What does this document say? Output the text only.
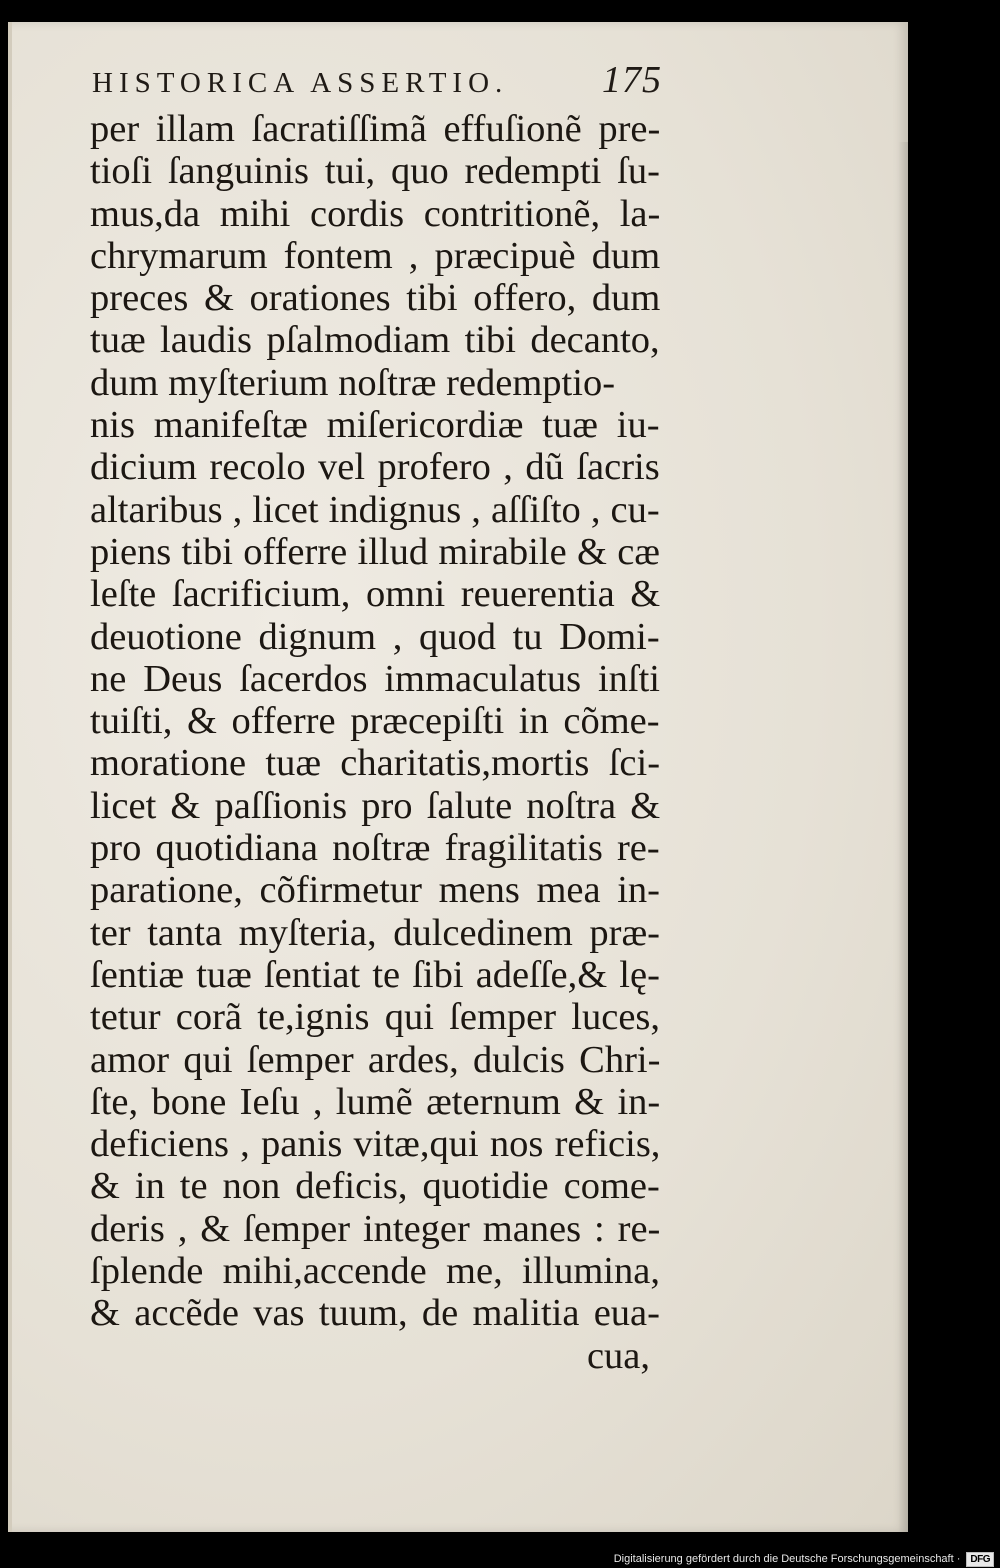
HISTORICA ASSERTIO. 175
per illam ſacratiſſimã effuſionẽ pre-
tioſi ſanguinis tui, quo redempti ſu-
mus,da mihi cordis contritionẽ, la-
chrymarum fontem , præcipuè dum
preces & orationes tibi offero, dum
tuæ laudis pſalmodiam tibi decanto,
dum myſterium noſtræ redemptio-
nis manifeſtæ miſericordiæ tuæ iu-
dicium recolo vel profero , dũ ſacris
altaribus , licet indignus , aſſiſto , cu-
piens tibi offerre illud mirabile & cæ
leſte ſacrificium, omni reuerentia &
deuotione dignum , quod tu Domi-
ne Deus ſacerdos immaculatus inſti
tuiſti, & offerre præcepiſti in cõme-
moratione tuæ charitatis,mortis ſci-
licet & paſſionis pro ſalute noſtra &
pro quotidiana noſtræ fragilitatis re-
paratione, cõfirmetur mens mea in-
ter tanta myſteria, dulcedinem præ-
ſentiæ tuæ ſentiat te ſibi adeſſe,& lę-
tetur corã te,ignis qui ſemper luces,
amor qui ſemper ardes, dulcis Chri-
ſte, bone Ieſu , lumẽ æternum & in-
deficiens , panis vitæ,qui nos reficis,
& in te non deficis, quotidie come-
deris , & ſemper integer manes : re-
ſplende mihi,accende me, illumina,
& accẽde vas tuum, de malitia eua-
cua,
Digitalisierung gefördert durch die Deutsche Forschungsgemeinschaft ·	DFG
